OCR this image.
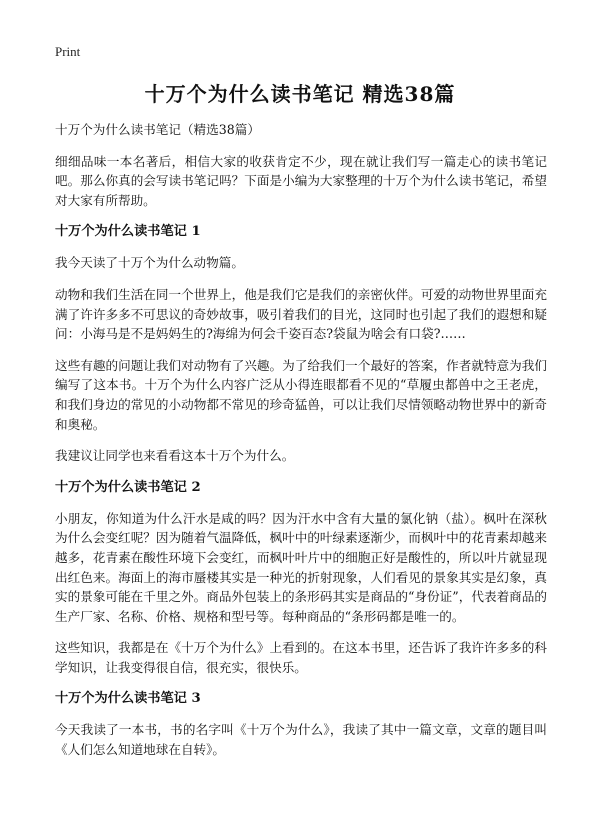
Print
十万个为什么读书笔记 精选38篇

十万个为什么读书笔记（精选38篇）

细细品味一本名著后，相信大家的收获肯定不少，现在就让我们写一篇走心的读书笔记吧。那么你真的会写读书笔记吗？下面是小编为大家整理的十万个为什么读书笔记，希望对大家有所帮助。

十万个为什么读书笔记 1

我今天读了十万个为什么动物篇。

动物和我们生活在同一个世界上，他是我们它是我们的亲密伙伴。可爱的动物世界里面充满了许许多多不可思议的奇妙故事，吸引着我们的目光，这同时也引起了我们的遐想和疑问：小海马是不是妈妈生的?海绵为何会千姿百态?袋鼠为啥会有口袋?……

这些有趣的问题让我们对动物有了兴趣。为了给我们一个最好的答案，作者就特意为我们编写了这本书。十万个为什么内容广泛从小得连眼都看不见的“草履虫都兽中之王老虎，和我们身边的常见的小动物都不常见的珍奇猛兽，可以让我们尽情领略动物世界中的新奇和奥秘。

我建议让同学也来看看这本十万个为什么。

十万个为什么读书笔记 2

小朋友，你知道为什么汗水是咸的吗？因为汗水中含有大量的氯化钠（盐）。枫叶在深秋为什么会变红呢？因为随着气温降低，枫叶中的叶绿素逐渐少，而枫叶中的花青素却越来越多，花青素在酸性环境下会变红，而枫叶叶片中的细胞正好是酸性的，所以叶片就显现出红色来。海面上的海市蜃楼其实是一种光的折射现象，人们看见的景象其实是幻象，真实的景象可能在千里之外。商品外包装上的条形码其实是商品的“身份证”，代表着商品的生产厂家、名称、价格、规格和型号等。每种商品的“条形码都是唯一的。

这些知识，我都是在《十万个为什么》上看到的。在这本书里，还告诉了我许许多多的科学知识，让我变得很自信，很充实，很快乐。

十万个为什么读书笔记 3

今天我读了一本书，书的名字叫《十万个为什么》，我读了其中一篇文章，文章的题目叫《人们怎么知道地球在自转》。
